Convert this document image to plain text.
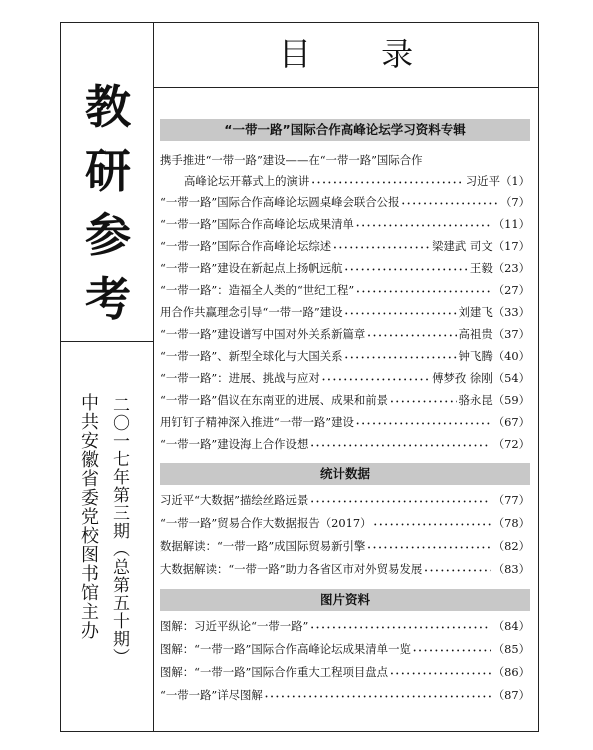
教
研
参
考
二〇一七年第三期（总第五十期）
中共安徽省委党校图书馆主办
目 录
“一带一路”国际合作高峰论坛学习资料专辑
携手推进“一带一路”建设——在“一带一路”国际合作
高峰论坛开幕式上的演讲 • • •	习近平 （1）
“一带一路”国际合作高峰论坛圆桌峰会联合公报 • • •	（7）
“一带一路”国际合作高峰论坛成果清单 • • •	（11）
“一带一路”国际合作高峰论坛综述 • • •	梁建武 司文 （17）
“一带一路”建设在新起点上扬帆远航 • • •	王毅 （23）
“一带一路”：造福全人类的“世纪工程” • • •	（27）
用合作共赢理念引导“一带一路”建设 • • •	刘建飞 （33）
“一带一路”建设谱写中国对外关系新篇章 • • •	高祖贵 （37）
“一带一路”、新型全球化与大国关系 • • •	钟飞腾 （40）
“一带一路”：进展、挑战与应对 • • •	傅梦孜 徐刚 （54）
“一带一路”倡议在东南亚的进展、成果和前景 • • •	骆永昆 （59）
用钉钉子精神深入推进“一带一路”建设 • • •	（67）
“一带一路”建设海上合作设想 • • •	（72）
统计数据
习近平“大数据”描绘丝路远景 • • •	（77）
“一带一路”贸易合作大数据报告（2017） • • •	（78）
数据解读：“一带一路”成国际贸易新引擎 • • •	（82）
大数据解读：“一带一路”助力各省区市对外贸易发展 • • •	（83）
图片资料
图解：习近平纵论“一带一路” • • •	（84）
图解：“一带一路”国际合作高峰论坛成果清单一览 • • •	（85）
图解：“一带一路”国际合作重大工程项目盘点 • • •	（86）
“一带一路”详尽图解 • • •	（87）
